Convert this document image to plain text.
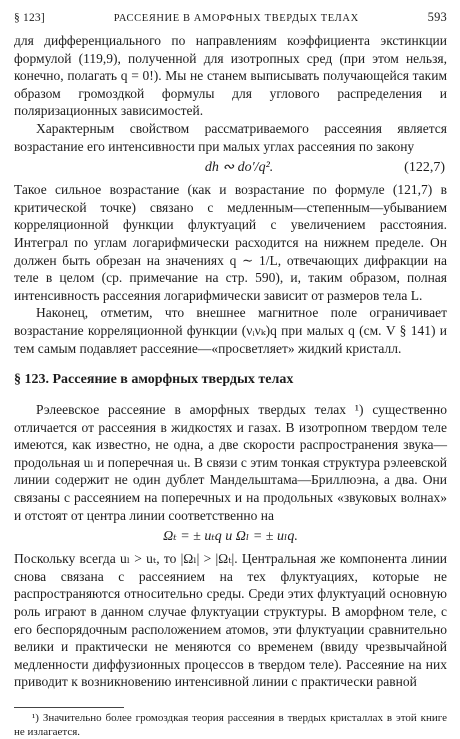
§ 123]	РАССЕЯНИЕ В АМОРФНЫХ ТВЕРДЫХ ТЕЛАХ	593

для дифференциального по направлениям коэффициента экстинкции формулой (119,9), полученной для изотропных сред (при этом нельзя, конечно, полагать q = 0!). Мы не станем выписывать получающейся таким образом громоздкой формулы для углового распределения и поляризационных зависимостей.

Характерным свойством рассматриваемого рассеяния является возрастание его интенсивности при малых углах рассеяния по закону

dh ∾ do′/q².	(122,7)

Такое сильное возрастание (как и возрастание по формуле (121,7) в критической точке) связано с медленным—степенным—убыванием корреляционной функции флуктуаций с увеличением расстояния. Интеграл по углам логарифмически расходится на нижнем пределе. Он должен быть обрезан на значениях q ∼ 1/L, отвечающих дифракции на теле в целом (ср. примечание на стр. 590), и, таким образом, полная интенсивность рассеяния логарифмически зависит от размеров тела L.

Наконец, отметим, что внешнее магнитное поле ограничивает возрастание корреляционной функции (νᵢνₖ)q при малых q (см. V § 141) и тем самым подавляет рассеяние—«просветляет» жидкий кристалл.

§ 123. Рассеяние в аморфных твердых телах

Рэлеевское рассеяние в аморфных твердых телах ¹) существенно отличается от рассеяния в жидкостях и газах. В изотропном твердом теле имеются, как известно, не одна, а две скорости распространения звука—продольная uₗ и поперечная uₜ. В связи с этим тонкая структура рэлеевской линии содержит не один дублет Мандельштама—Бриллюэна, а два. Они связаны с рассеянием на поперечных и на продольных «звуковых волнах» и отстоят от центра линии соответственно на

Ωₜ = ± uₜq и Ωₗ = ± uₗq.

Поскольку всегда uₗ > uₜ, то |Ωₗ| > |Ωₜ|. Центральная же компонента линии снова связана с рассеянием на тех флуктуациях, которые не распространяются относительно среды. Среди этих флуктуаций основную роль играют в данном случае флуктуации структуры. В аморфном теле, с его беспорядочным расположением атомов, эти флуктуации сравнительно велики и практически не меняются со временем (ввиду чрезвычайной медленности диффузионных процессов в твердом теле). Рассеяние на них приводит к возникновению интенсивной линии с практически равной

¹) Значительно более громоздкая теория рассеяния в твердых кристаллах в этой книге не излагается.
